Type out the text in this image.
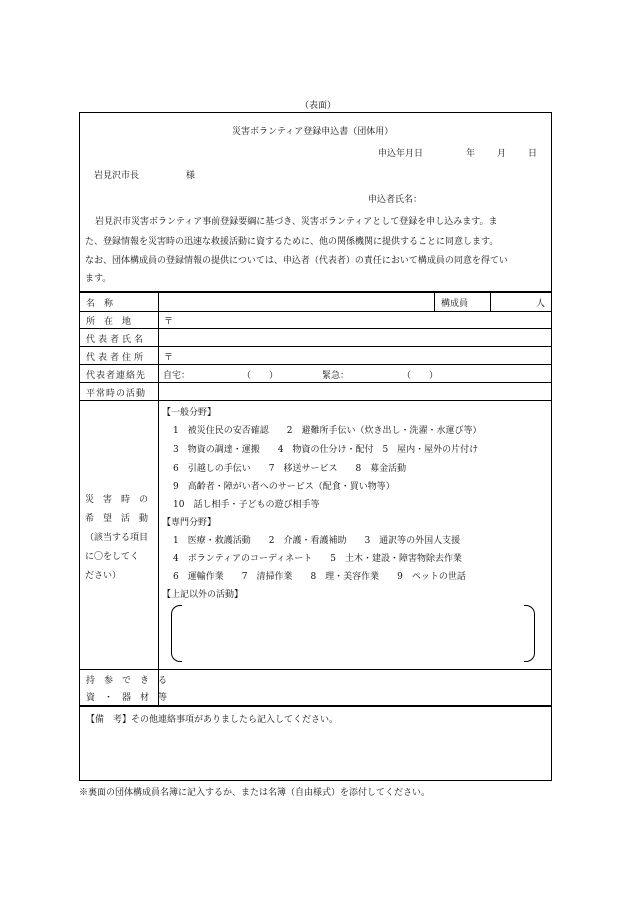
（表面）
災害ボランティア登録申込書（団体用）
申込年月日	年 月 日
岩見沢市長	様
申込者氏名：
岩見沢市災害ボランティア事前登録要綱に基づき、災害ボランティアとして登録を申し込みます。ま
た、登録情報を災害時の迅速な救援活動に資するために、他の関係機関に提供することに同意します。
なお、団体構成員の登録情報の提供については、申込者（代表者）の責任において構成員の同意を得てい
ます。
名　称	構成員	人
所　在　地	〒
代表者氏名
代表者住所	〒
代表者連絡先	自宅：	（　　）	緊急：	（　　）
平常時の活動
災　害　時　の
希　望　活　動
（該当する項目
に〇をしてく
ださい）
【一般分野】
1　被災住民の安否確認　　2　避難所手伝い（炊き出し・洗濯・水運び等）
3　物資の調達・運搬　　4　物資の仕分け・配付　5　屋内・屋外の片付け
6　引越しの手伝い　　7　移送サービス　　8　募金活動
9　高齢者・障がい者へのサービス（配食・買い物等）
10　話し相手・子どもの遊び相手等
【専門分野】
1　医療・救護活動　　2　介護・看護補助　　3　通訳等の外国人支援
4　ボランティアのコーディネート　　5　土木・建設・障害物除去作業
6　運輸作業　　7　清掃作業　　8　理・美容作業　　9　ペットの世話
【上記以外の活動】
持　参　で　き　る
資　・　器　材　等
【備　考】その他連絡事項がありましたら記入してください。
※裏面の団体構成員名簿に記入するか、または名簿（自由様式）を添付してください。
